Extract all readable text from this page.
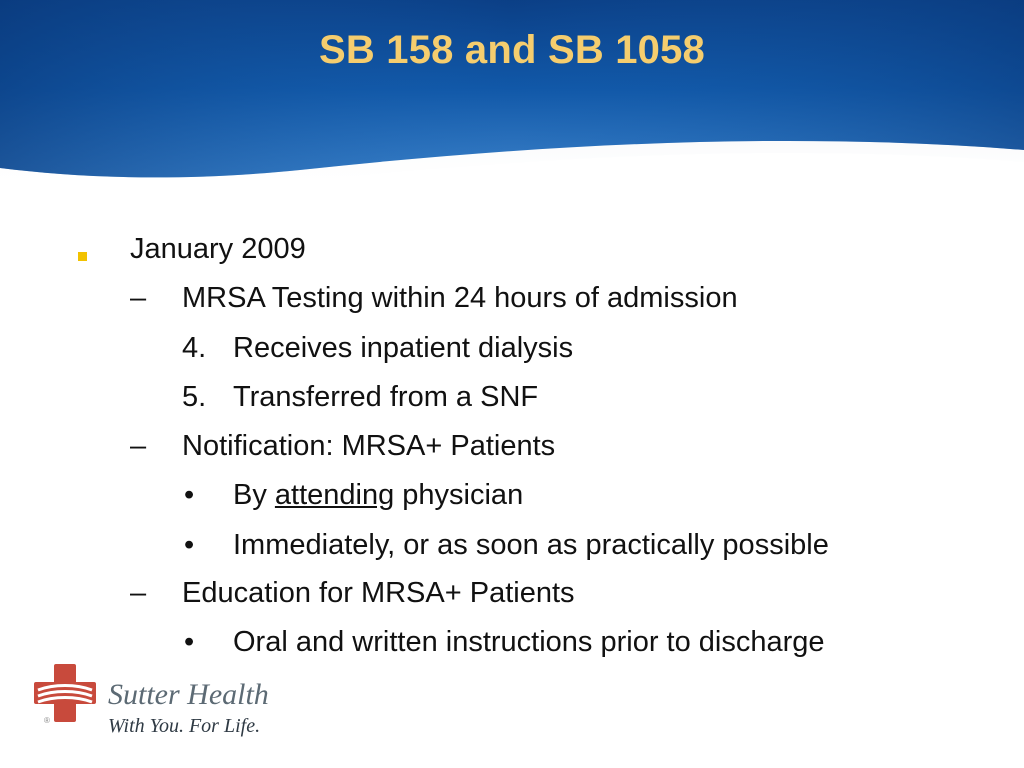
SB 158 and SB 1058
January 2009
– MRSA Testing within 24 hours of admission
4. Receives inpatient dialysis
5. Transferred from a SNF
– Notification: MRSA+ Patients
• By attending physician
• Immediately, or as soon as practically possible
– Education for MRSA+ Patients
• Oral and written instructions prior to discharge
®
Sutter Health
With You. For Life.
